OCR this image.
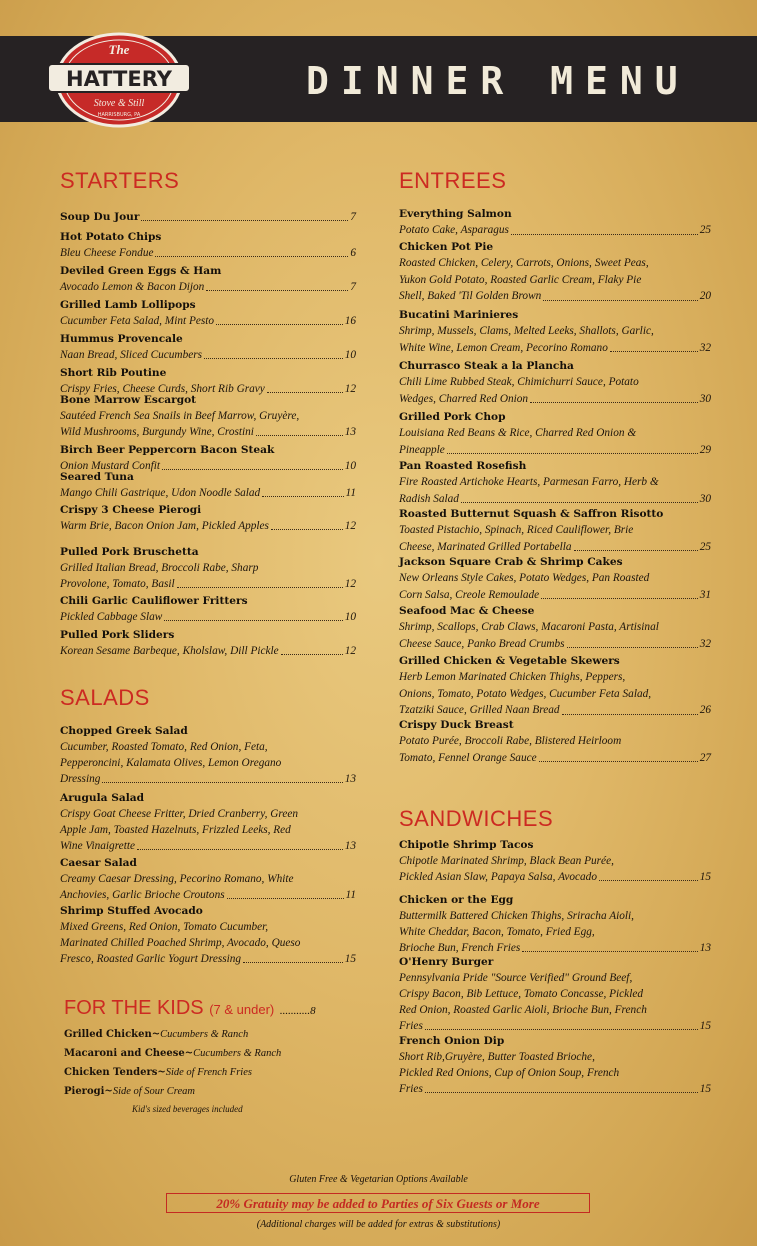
The
HATTERY
Stove & Still
HARRISBURG, PA
DINNER MENU
STARTERS
Soup Du Jour	7
Hot Potato Chips
Bleu Cheese Fondue	6
Deviled Green Eggs & Ham
Avocado Lemon & Bacon Dijon	7
Grilled Lamb Lollipops
Cucumber Feta Salad, Mint Pesto	16
Hummus Provencale
Naan Bread, Sliced Cucumbers	10
Short Rib Poutine
Crispy Fries, Cheese Curds, Short Rib Gravy	12
Bone Marrow Escargot
Sautéed French Sea Snails in Beef Marrow, Gruyère,
Wild Mushrooms, Burgundy Wine, Crostini	13
Birch Beer Peppercorn Bacon Steak
Onion Mustard Confit	10
Seared Tuna
Mango Chili Gastrique, Udon Noodle Salad	11
Crispy 3 Cheese Pierogi
Warm Brie, Bacon Onion Jam, Pickled Apples	12
Pulled Pork Bruschetta
Grilled Italian Bread, Broccoli Rabe, Sharp
Provolone, Tomato, Basil	12
Chili Garlic Cauliflower Fritters
Pickled Cabbage Slaw	10
Pulled Pork Sliders
Korean Sesame Barbeque, Kholslaw, Dill Pickle	12
SALADS
Chopped Greek Salad
Cucumber, Roasted Tomato, Red Onion, Feta,
Pepperoncini, Kalamata Olives, Lemon Oregano
Dressing	13
Arugula Salad
Crispy Goat Cheese Fritter, Dried Cranberry, Green
Apple Jam, Toasted Hazelnuts, Frizzled Leeks, Red
Wine Vinaigrette	13
Caesar Salad
Creamy Caesar Dressing, Pecorino Romano, White
Anchovies, Garlic Brioche Croutons	11
Shrimp Stuffed Avocado
Mixed Greens, Red Onion, Tomato Cucumber,
Marinated Chilled Poached Shrimp, Avocado, Queso
Fresco, Roasted Garlic Yogurt Dressing	15
FOR THE KIDS (7 & under) ...........8
Grilled Chicken~Cucumbers & Ranch
Macaroni and Cheese~Cucumbers & Ranch
Chicken Tenders~Side of French Fries
Pierogi~Side of Sour Cream
Kid's sized beverages included
ENTREES
Everything Salmon
Potato Cake, Asparagus	25
Chicken Pot Pie
Roasted Chicken, Celery, Carrots, Onions, Sweet Peas,
Yukon Gold Potato, Roasted Garlic Cream, Flaky Pie
Shell, Baked 'Til Golden Brown	20
Bucatini Marinieres
Shrimp, Mussels, Clams, Melted Leeks, Shallots, Garlic,
White Wine, Lemon Cream, Pecorino Romano	32
Churrasco Steak a la Plancha
Chili Lime Rubbed Steak, Chimichurri Sauce, Potato
Wedges, Charred Red Onion	30
Grilled Pork Chop
Louisiana Red Beans & Rice, Charred Red Onion &
Pineapple	29
Pan Roasted Rosefish
Fire Roasted Artichoke Hearts, Parmesan Farro, Herb &
Radish Salad	30
Roasted Butternut Squash & Saffron Risotto
Toasted Pistachio, Spinach, Riced Cauliflower, Brie
Cheese, Marinated Grilled Portabella	25
Jackson Square Crab & Shrimp Cakes
New Orleans Style Cakes, Potato Wedges, Pan Roasted
Corn Salsa, Creole Remoulade	31
Seafood Mac & Cheese
Shrimp, Scallops, Crab Claws, Macaroni Pasta, Artisinal
Cheese Sauce, Panko Bread Crumbs	32
Grilled Chicken & Vegetable Skewers
Herb Lemon Marinated Chicken Thighs, Peppers,
Onions, Tomato, Potato Wedges, Cucumber Feta Salad,
Tzatziki Sauce, Grilled Naan Bread	26
Crispy Duck Breast
Potato Purée, Broccoli Rabe, Blistered Heirloom
Tomato, Fennel Orange Sauce	27
SANDWICHES
Chipotle Shrimp Tacos
Chipotle Marinated Shrimp, Black Bean Purée,
Pickled Asian Slaw, Papaya Salsa, Avocado	15
Chicken or the Egg
Buttermilk Battered Chicken Thighs, Sriracha Aioli,
White Cheddar, Bacon, Tomato, Fried Egg,
Brioche Bun, French Fries	13
O'Henry Burger
Pennsylvania Pride "Source Verified" Ground Beef,
Crispy Bacon, Bib Lettuce, Tomato Concasse, Pickled
Red Onion, Roasted Garlic Aioli, Brioche Bun, French
Fries	15
French Onion Dip
Short Rib,Gruyère, Butter Toasted Brioche,
Pickled Red Onions, Cup of Onion Soup, French
Fries	15
Gluten Free & Vegetarian Options Available
20% Gratuity may be added to Parties of Six Guests or More
(Additional charges will be added for extras & substitutions)
